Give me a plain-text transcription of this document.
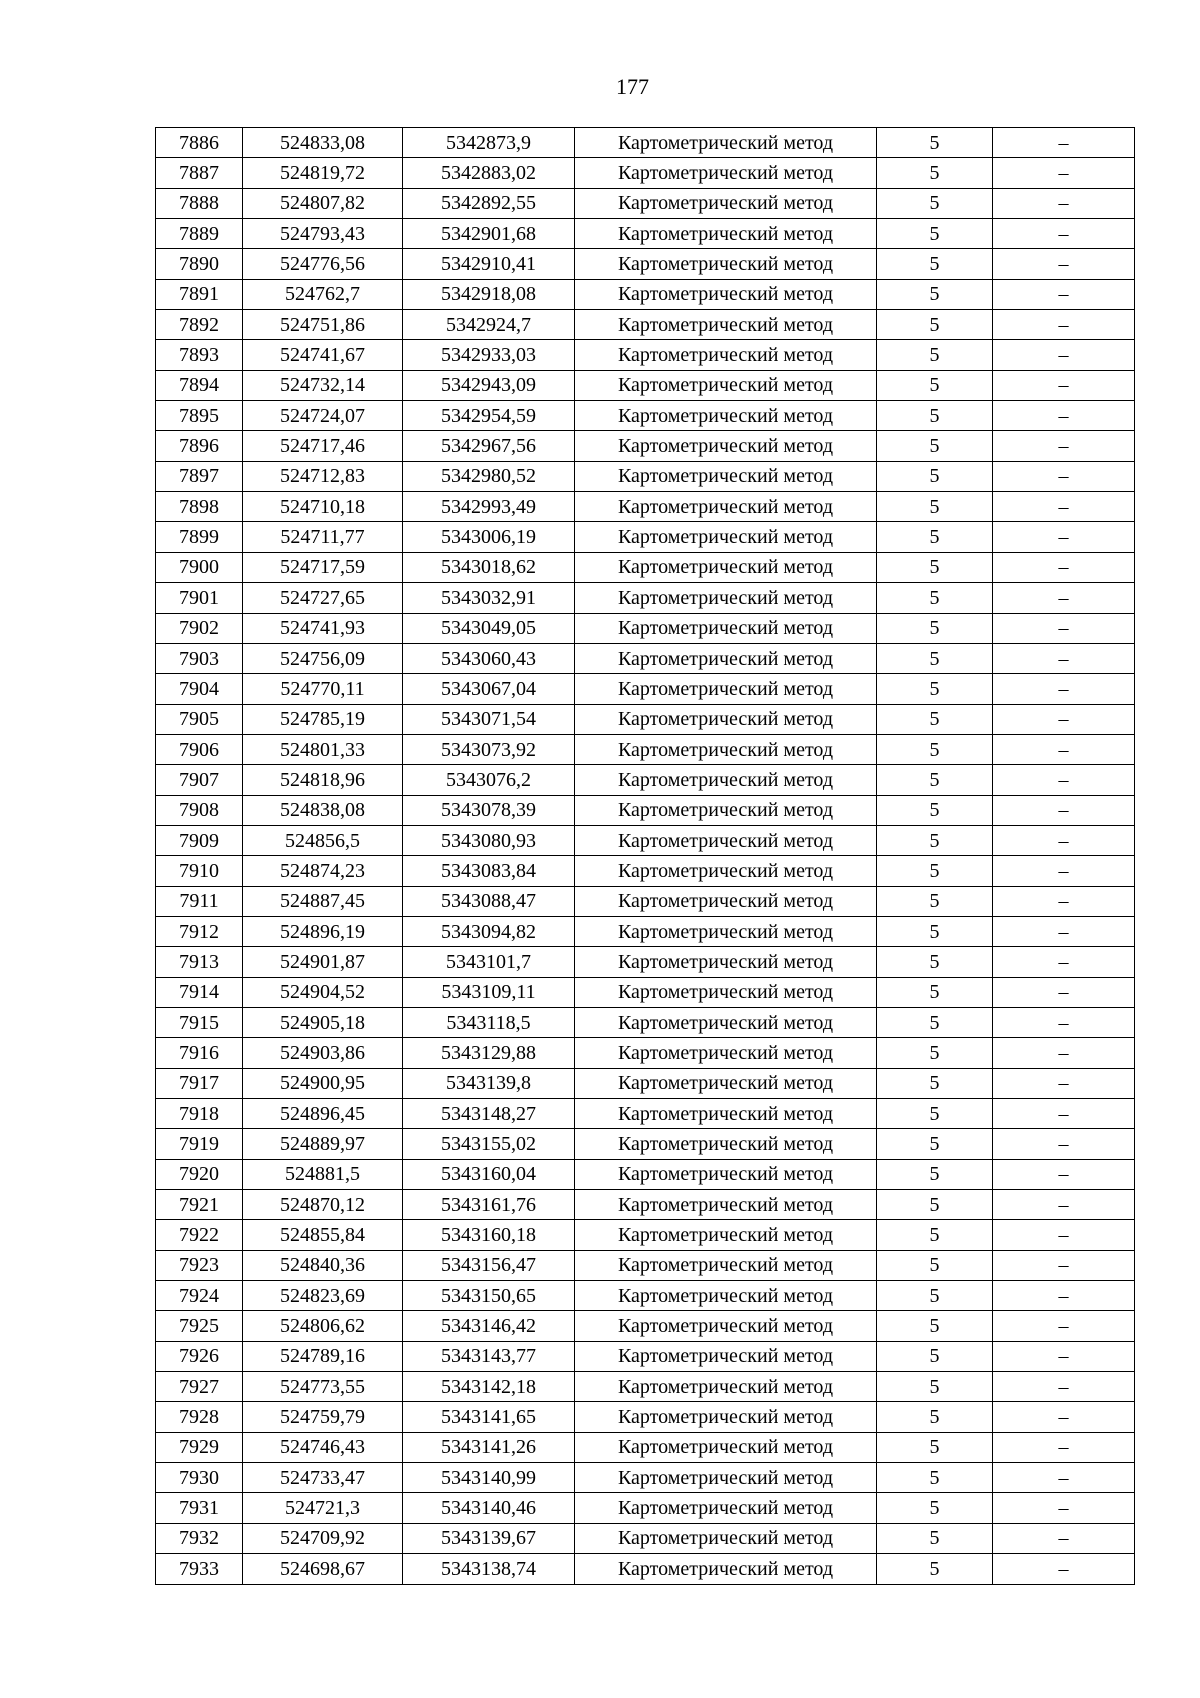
177
7886	524833,08	5342873,9	Картометрический метод	5	–
7887	524819,72	5342883,02	Картометрический метод	5	–
7888	524807,82	5342892,55	Картометрический метод	5	–
7889	524793,43	5342901,68	Картометрический метод	5	–
7890	524776,56	5342910,41	Картометрический метод	5	–
7891	524762,7	5342918,08	Картометрический метод	5	–
7892	524751,86	5342924,7	Картометрический метод	5	–
7893	524741,67	5342933,03	Картометрический метод	5	–
7894	524732,14	5342943,09	Картометрический метод	5	–
7895	524724,07	5342954,59	Картометрический метод	5	–
7896	524717,46	5342967,56	Картометрический метод	5	–
7897	524712,83	5342980,52	Картометрический метод	5	–
7898	524710,18	5342993,49	Картометрический метод	5	–
7899	524711,77	5343006,19	Картометрический метод	5	–
7900	524717,59	5343018,62	Картометрический метод	5	–
7901	524727,65	5343032,91	Картометрический метод	5	–
7902	524741,93	5343049,05	Картометрический метод	5	–
7903	524756,09	5343060,43	Картометрический метод	5	–
7904	524770,11	5343067,04	Картометрический метод	5	–
7905	524785,19	5343071,54	Картометрический метод	5	–
7906	524801,33	5343073,92	Картометрический метод	5	–
7907	524818,96	5343076,2	Картометрический метод	5	–
7908	524838,08	5343078,39	Картометрический метод	5	–
7909	524856,5	5343080,93	Картометрический метод	5	–
7910	524874,23	5343083,84	Картометрический метод	5	–
7911	524887,45	5343088,47	Картометрический метод	5	–
7912	524896,19	5343094,82	Картометрический метод	5	–
7913	524901,87	5343101,7	Картометрический метод	5	–
7914	524904,52	5343109,11	Картометрический метод	5	–
7915	524905,18	5343118,5	Картометрический метод	5	–
7916	524903,86	5343129,88	Картометрический метод	5	–
7917	524900,95	5343139,8	Картометрический метод	5	–
7918	524896,45	5343148,27	Картометрический метод	5	–
7919	524889,97	5343155,02	Картометрический метод	5	–
7920	524881,5	5343160,04	Картометрический метод	5	–
7921	524870,12	5343161,76	Картометрический метод	5	–
7922	524855,84	5343160,18	Картометрический метод	5	–
7923	524840,36	5343156,47	Картометрический метод	5	–
7924	524823,69	5343150,65	Картометрический метод	5	–
7925	524806,62	5343146,42	Картометрический метод	5	–
7926	524789,16	5343143,77	Картометрический метод	5	–
7927	524773,55	5343142,18	Картометрический метод	5	–
7928	524759,79	5343141,65	Картометрический метод	5	–
7929	524746,43	5343141,26	Картометрический метод	5	–
7930	524733,47	5343140,99	Картометрический метод	5	–
7931	524721,3	5343140,46	Картометрический метод	5	–
7932	524709,92	5343139,67	Картометрический метод	5	–
7933	524698,67	5343138,74	Картометрический метод	5	–
